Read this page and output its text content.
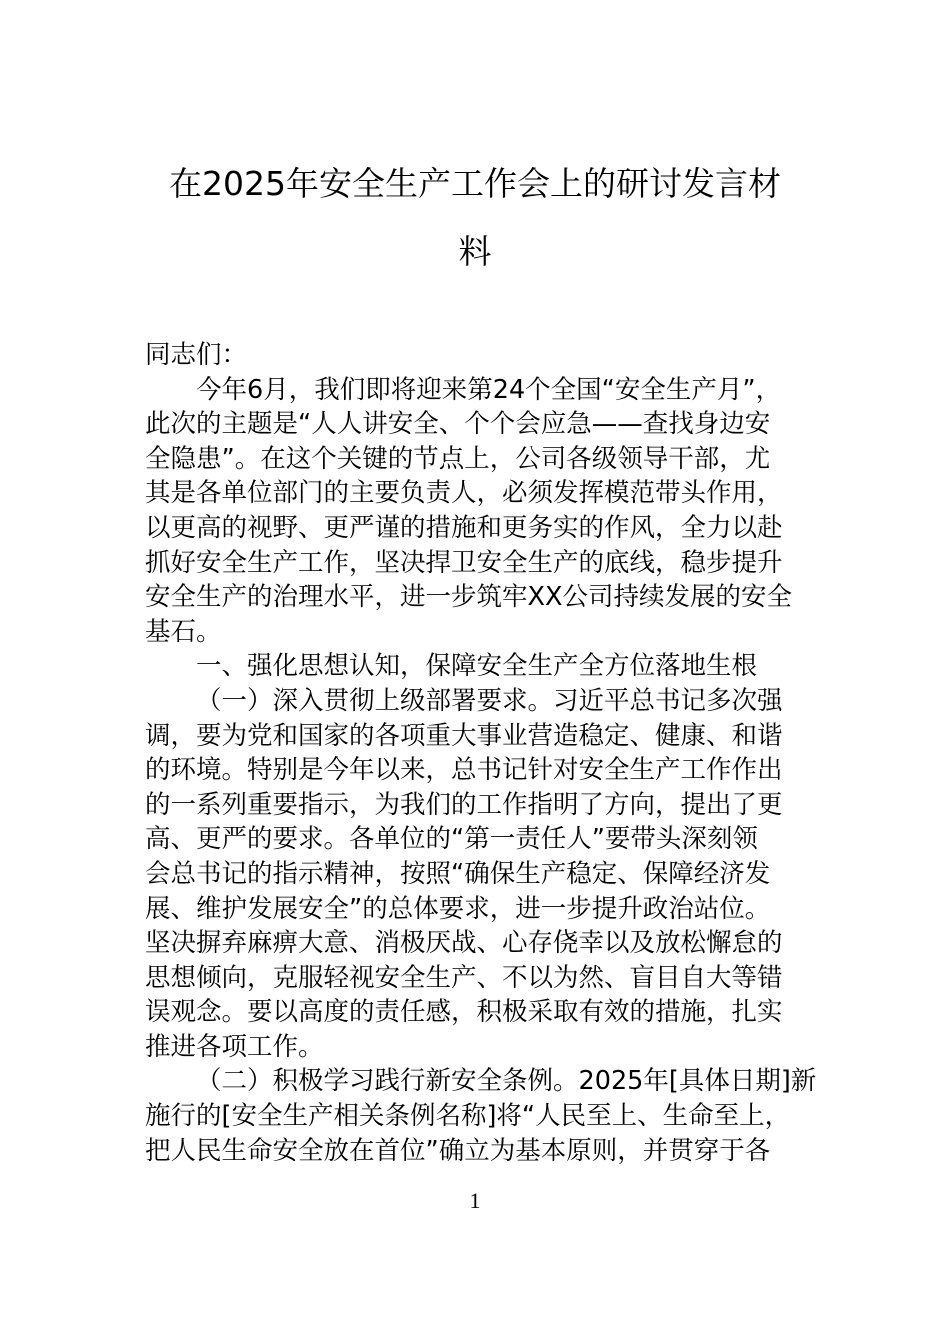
在2025年安全生产工作会上的研讨发言材
料

同志们：

今年6月，我们即将迎来第24个全国“安全生产月”，

此次的主题是“人人讲安全、个个会应急——查找身边安

全隐患”。在这个关键的节点上，公司各级领导干部，尤

其是各单位部门的主要负责人，必须发挥模范带头作用，

以更高的视野、更严谨的措施和更务实的作风，全力以赴

抓好安全生产工作，坚决捍卫安全生产的底线，稳步提升

安全生产的治理水平，进一步筑牢XX公司持续发展的安全

基石。

一、强化思想认知，保障安全生产全方位落地生根

（一）深入贯彻上级部署要求。习近平总书记多次强

调，要为党和国家的各项重大事业营造稳定、健康、和谐

的环境。特别是今年以来，总书记针对安全生产工作作出

的一系列重要指示，为我们的工作指明了方向，提出了更

高、更严的要求。各单位的“第一责任人”要带头深刻领

会总书记的指示精神，按照“确保生产稳定、保障经济发

展、维护发展安全”的总体要求，进一步提升政治站位。

坚决摒弃麻痹大意、消极厌战、心存侥幸以及放松懈怠的

思想倾向，克服轻视安全生产、不以为然、盲目自大等错

误观念。要以高度的责任感，积极采取有效的措施，扎实

推进各项工作。

（二）积极学习践行新安全条例。2025年[具体日期]新

施行的[安全生产相关条例名称]将“人民至上、生命至上，

把人民生命安全放在首位”确立为基本原则，并贯穿于各

1
